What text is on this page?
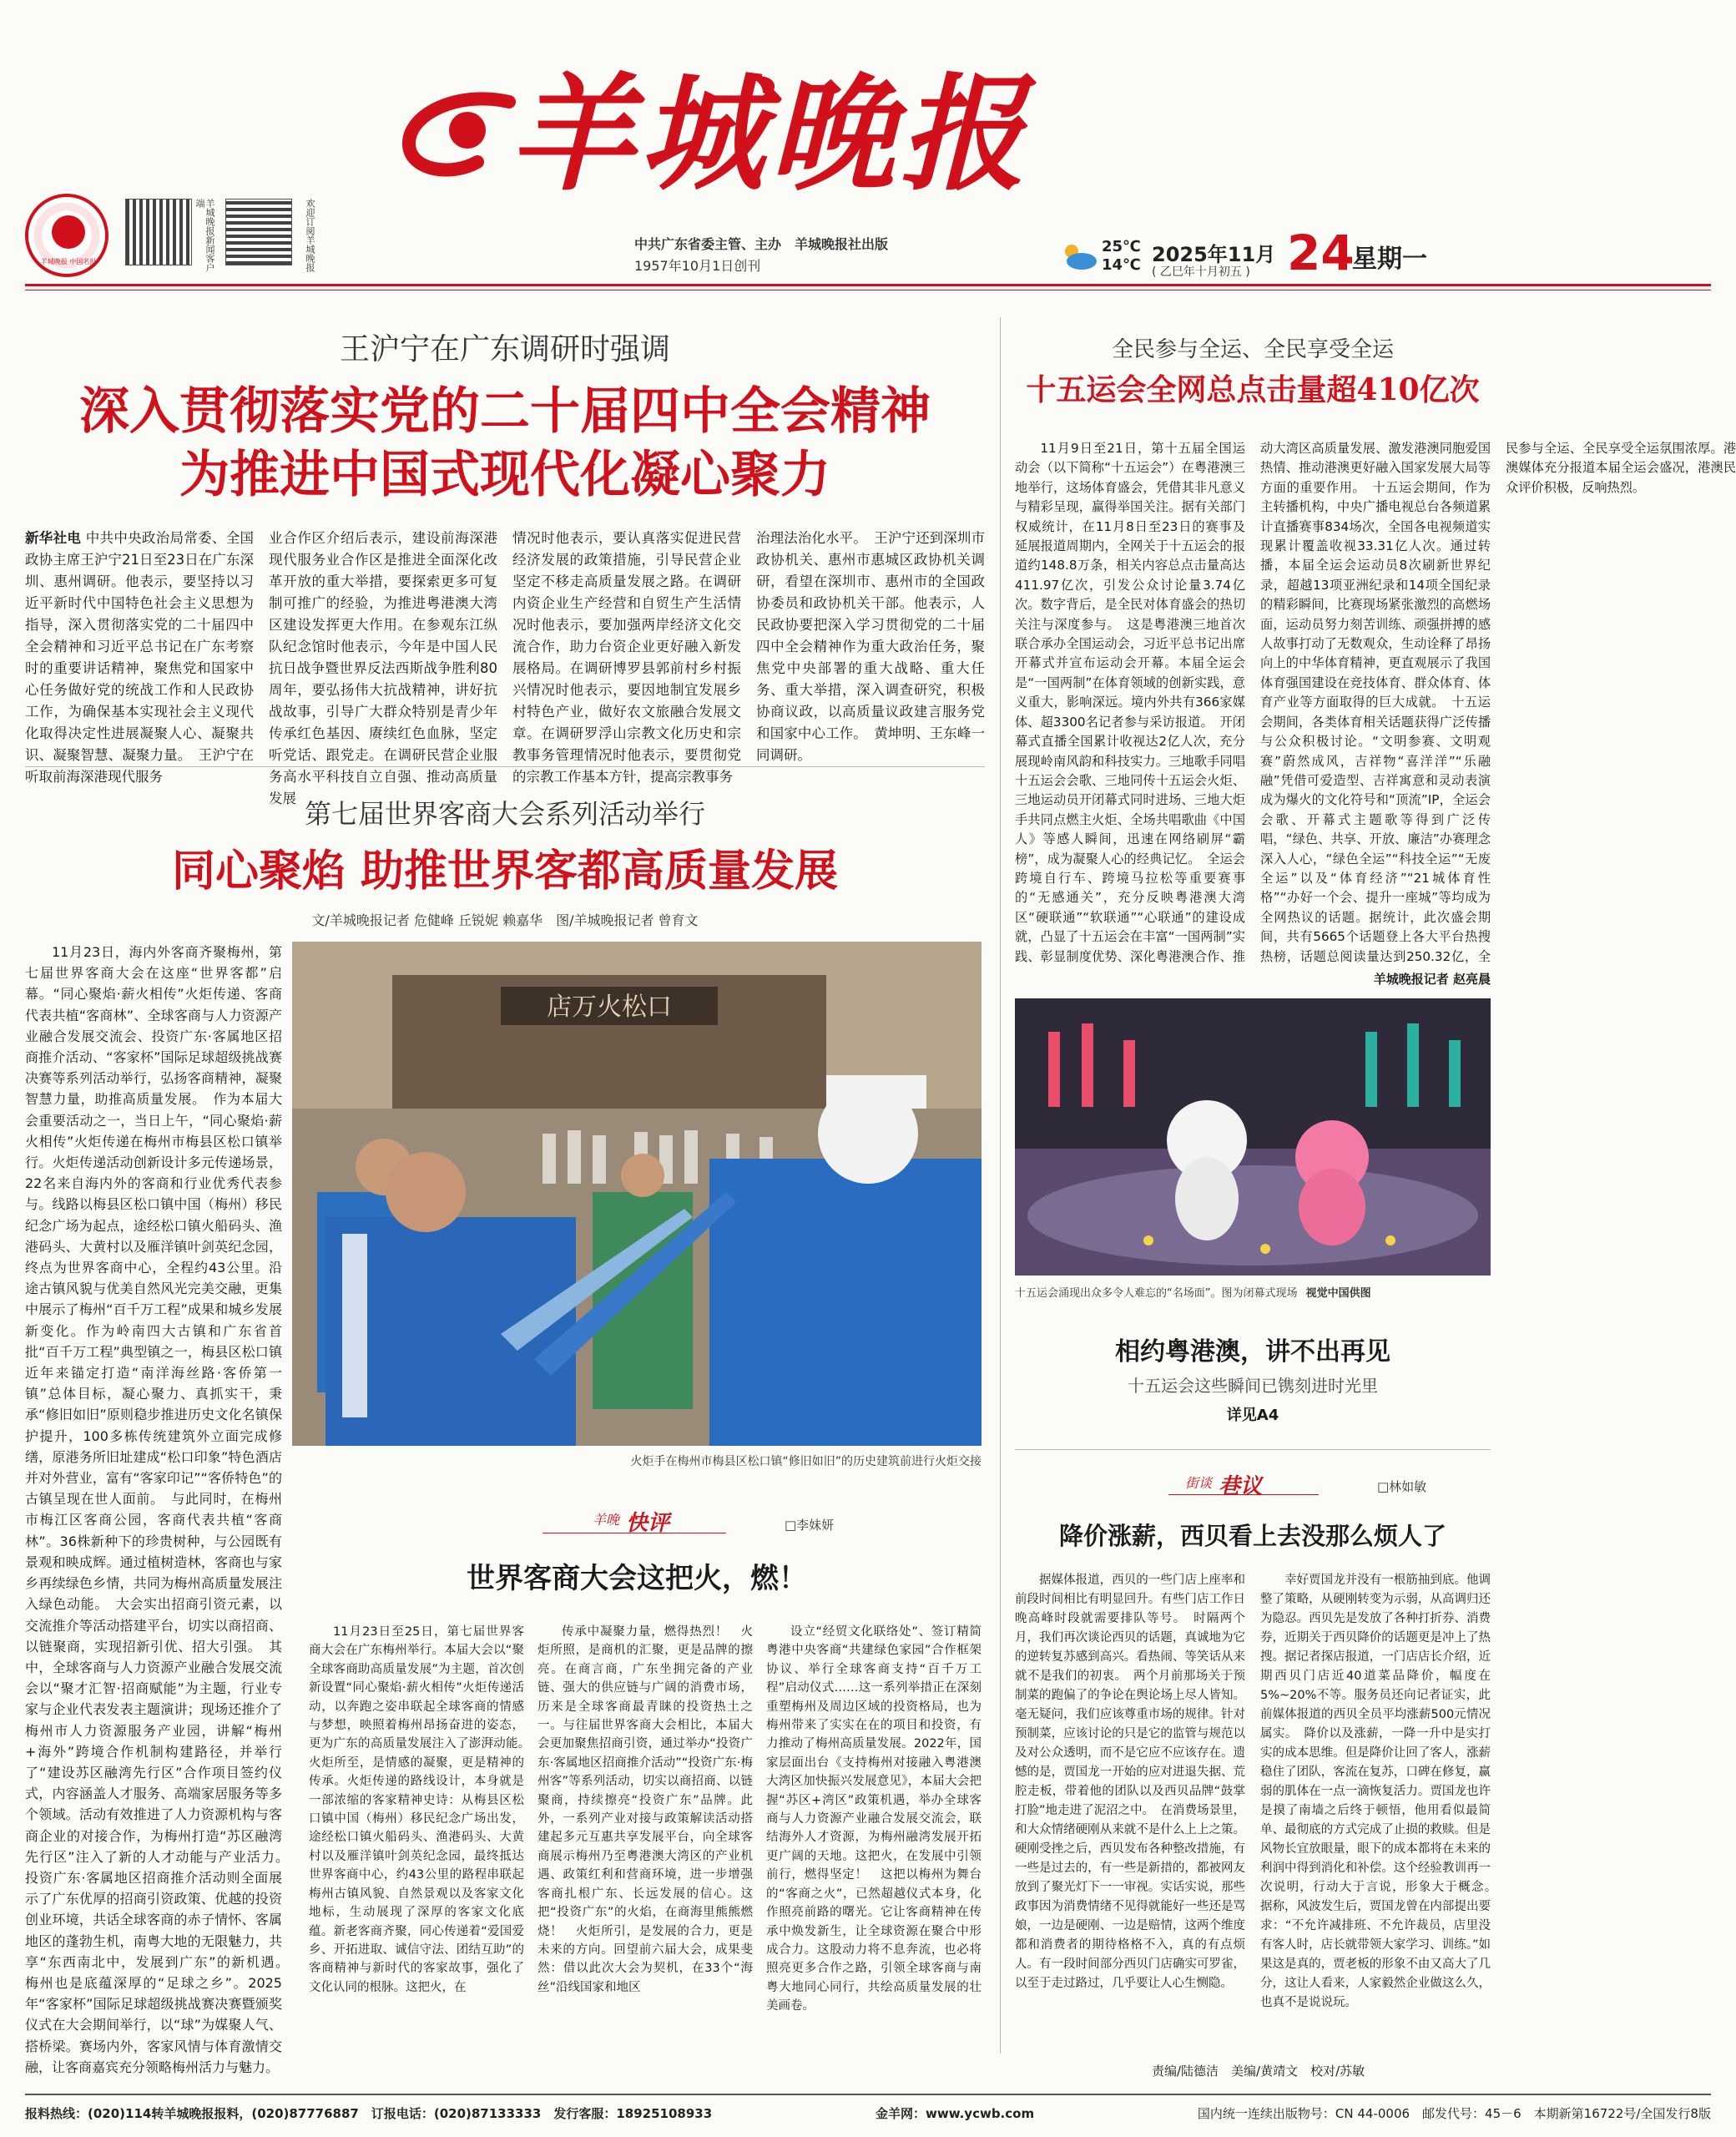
羊城晚报
羊城晚报 中国名报	羊城晚报新闻客户端	欢迎订阅羊城晚报	中共广东省委主管、主办　羊城晚报社出版
1957年10月1日创刊
25℃
14℃ 2025年11月
( 乙巳年十月初五 ) 24
星期一
王沪宁在广东调研时强调
深入贯彻落实党的二十届四中全会精神
为推进中国式现代化凝心聚力
新华社电 中共中央政治局常委、全国政协主席王沪宁21日至23日在广东深圳、惠州调研。他表示，要坚持以习近平新时代中国特色社会主义思想为指导，深入贯彻落实党的二十届四中全会精神和习近平总书记在广东考察时的重要讲话精神，聚焦党和国家中心任务做好党的统战工作和人民政协工作，为确保基本实现社会主义现代化取得决定性进展凝聚人心、凝聚共识、凝聚智慧、凝聚力量。　王沪宁在听取前海深港现代服务
业合作区介绍后表示，建设前海深港现代服务业合作区是推进全面深化改革开放的重大举措，要探索更多可复制可推广的经验，为推进粤港澳大湾区建设发挥更大作用。在参观东江纵队纪念馆时他表示，今年是中国人民抗日战争暨世界反法西斯战争胜利80周年，要弘扬伟大抗战精神，讲好抗战故事，引导广大群众特别是青少年传承红色基因、赓续红色血脉，坚定听党话、跟党走。在调研民营企业服务高水平科技自立自强、推动高质量发展
情况时他表示，要认真落实促进民营经济发展的政策措施，引导民营企业坚定不移走高质量发展之路。在调研内资企业生产经营和自贸生产生活情况时他表示，要加强两岸经济文化交流合作，助力台资企业更好融入新发展格局。在调研博罗县郭前村乡村振兴情况时他表示，要因地制宜发展乡村特色产业，做好农文旅融合发展文章。在调研罗浮山宗教文化历史和宗教事务管理情况时他表示，要贯彻党的宗教工作基本方针，提高宗教事务
治理法治化水平。　王沪宁还到深圳市政协机关、惠州市惠城区政协机关调研，看望在深圳市、惠州市的全国政协委员和政协机关干部。他表示，人民政协要把深入学习贯彻党的二十届四中全会精神作为重大政治任务，聚焦党中央部署的重大战略、重大任务、重大举措，深入调查研究，积极协商议政，以高质量议政建言服务党和国家中心工作。　黄坤明、王东峰一同调研。
第七届世界客商大会系列活动举行
同心聚焰 助推世界客都高质量发展
文/羊城晚报记者 危健峰 丘锐妮 赖嘉华　图/羊城晚报记者 曾育文
11月23日，海内外客商齐聚梅州，第七届世界客商大会在这座“世界客都”启幕。“同心聚焰·薪火相传”火炬传递、客商代表共植“客商林”、全球客商与人力资源产业融合发展交流会、投资广东·客属地区招商推介活动、“客家杯”国际足球超级挑战赛决赛等系列活动举行，弘扬客商精神，凝聚智慧力量，助推高质量发展。　作为本届大会重要活动之一，当日上午，“同心聚焰·薪火相传”火炬传递在梅州市梅县区松口镇举行。火炬传递活动创新设计多元传递场景，22名来自海内外的客商和行业优秀代表参与。线路以梅县区松口镇中国（梅州）移民纪念广场为起点，途经松口镇火船码头、渔港码头、大黄村以及雁洋镇叶剑英纪念园，终点为世界客商中心，全程约43公里。沿途古镇风貌与优美自然风光完美交融，更集中展示了梅州“百千万工程”成果和城乡发展新变化。作为岭南四大古镇和广东省首批“百千万工程”典型镇之一，梅县区松口镇近年来锚定打造“南洋海丝路·客侨第一镇”总体目标，凝心聚力、真抓实干，秉承“修旧如旧”原则稳步推进历史文化名镇保护提升，100多栋传统建筑外立面完成修缮，原港务所旧址建成“松口印象”特色酒店并对外营业，富有“客家印记”“客侨特色”的古镇呈现在世人面前。　与此同时，在梅州市梅江区客商公园，客商代表共植“客商林”。36株新种下的珍贵树种，与公园既有景观和映成辉。通过植树造林，客商也与家乡再续绿色乡情，共同为梅州高质量发展注入绿色动能。　大会实出招商引资元素，以交流推介等活动搭建平台，切实以商招商、以链聚商，实现招新引优、招大引强。　其中，全球客商与人力资源产业融合发展交流会以“聚才汇智·招商赋能”为主题，行业专家与企业代表发表主题演讲；现场还推介了梅州市人力资源服务产业园，讲解“梅州+海外”跨境合作机制构建路径，并举行了“建设苏区融湾先行区”合作项目签约仪式，内容涵盖人才服务、高端家居服务等多个领域。活动有效推进了人力资源机构与客商企业的对接合作，为梅州打造“苏区融湾先行区”注入了新的人才动能与产业活力。　投资广东·客属地区招商推介活动则全面展示了广东优厚的招商引资政策、优越的投资创业环境，共话全球客商的赤子情怀、客属地区的蓬勃生机，南粤大地的无限魅力，共享“东西南北中，发展到广东”的新机遇。　梅州也是底蕴深厚的“足球之乡”。2025年“客家杯”国际足球超级挑战赛决赛暨颁奖仪式在大会期间举行，以“球”为媒聚人气、搭桥梁。赛场内外，客家风情与体育激情交融，让客商嘉宾充分领略梅州活力与魅力。
店万火松口
火炬手在梅州市梅县区松口镇“修旧如旧”的历史建筑前进行火炬交接
羊晚 快评	□李妹妍
世界客商大会这把火，燃！
11月23日至25日，第七届世界客商大会在广东梅州举行。本届大会以“聚全球客商助高质量发展”为主题，首次创新设置“同心聚焰·薪火相传”火炬传递活动，以奔跑之姿串联起全球客商的情感与梦想，映照着梅州昂扬奋进的姿态，更为广东的高质量发展注入了澎湃动能。　火炬所至，是情感的凝聚，更是精神的传承。火炬传递的路线设计，本身就是一部浓缩的客家精神史诗：从梅县区松口镇中国（梅州）移民纪念广场出发，途经松口镇火船码头、渔港码头、大黄村以及雁洋镇叶剑英纪念园，最终抵达世界客商中心，约43公里的路程串联起梅州古镇风貌、自然景观以及客家文化地标，生动展现了深厚的客家文化底蕴。新老客商齐聚，同心传递着“爱国爱乡、开拓进取、诚信守法、团结互助”的客商精神与新时代的客家故事，强化了文化认同的根脉。这把火，在
传承中凝聚力量，燃得热烈！　火炬所照，是商机的汇聚，更是品牌的擦亮。在商言商，广东坐拥完备的产业链、强大的供应链与广阔的消费市场，历来是全球客商最青睐的投资热土之一。与往届世界客商大会相比，本届大会更加聚焦招商引资，通过举办“投资广东·客属地区招商推介活动”“投资广东·梅州客”等系列活动，切实以商招商、以链聚商，持续擦亮“投资广东”品牌。此外，一系列产业对接与政策解读活动搭建起多元互惠共享发展平台，向全球客商展示梅州乃至粤港澳大湾区的产业机遇、政策红利和营商环境，进一步增强客商扎根广东、长远发展的信心。这把“投资广东”的火焰，在商海里熊熊燃烧！　火炬所引，是发展的合力，更是未来的方向。回望前六届大会，成果斐然：借以此次大会为契机，在33个“海丝”沿线国家和地区
设立“经贸文化联络处”、签订精简粤港中央客商“共建绿色家园”合作框架协议、举行全球客商支持“百千万工程”启动仪式……这一系列举措正在深刻重塑梅州及周边区域的投资格局，也为梅州带来了实实在在的项目和投资，有力推动了梅州高质量发展。2022年，国家层面出台《支持梅州对接融入粤港澳大湾区加快振兴发展意见》，本届大会把握“苏区+湾区”政策机遇，举办全球客商与人力资源产业融合发展交流会，联结海外人才资源，为梅州融湾发展开拓更广阔的天地。这把火，在发展中引领前行，燃得坚定！　这把以梅州为舞台的“客商之火”，已然超越仪式本身，化作照亮前路的曙光。它让客商精神在传承中焕发新生，让全球资源在聚合中形成合力。这股动力将不息奔流，也必将照亮更多合作之路，引领全球客商与南粤大地同心同行，共绘高质量发展的壮美画卷。
全民参与全运、全民享受全运
十五运会全网总点击量超410亿次
11月9日至21日，第十五届全国运动会（以下简称“十五运会”）在粤港澳三地举行，这场体育盛会，凭借其非凡意义与精彩呈现，赢得举国关注。据有关部门权威统计，在11月8日至23日的赛事及延展报道周期内，全网关于十五运会的报道约148.8万条，相关内容总点击量高达411.97亿次，引发公众讨论量3.74亿次。数字背后，是全民对体育盛会的热切关注与深度参与。　这是粤港澳三地首次联合承办全国运动会，习近平总书记出席开幕式并宣布运动会开幕。本届全运会是“一国两制”在体育领域的创新实践，意义重大，影响深远。境内外共有366家媒体、超3300名记者参与采访报道。　开闭幕式直播全国累计收视达2亿人次，充分展现岭南风韵和科技实力。三地歌手同唱十五运会会歌、三地同传十五运会火炬、三地运动员开闭幕式同时进场、三地大炬手共同点燃主火炬、全场共唱歌曲《中国人》等感人瞬间，迅速在网络刷屏“霸榜”，成为凝聚人心的经典记忆。　全运会跨境自行车、跨境马拉松等重要赛事的“无感通关”，充分反映粤港澳大湾区“硬联通”“软联通”“心联通”的建设成就，凸显了十五运会在丰富“一国两制”实践、彰显制度优势、深化粤港澳合作、推动大湾区高质量发展、激发港澳同胞爱国热情、推动港澳更好融入国家发展大局等方面的重要作用。　十五运会期间，作为主转播机构，中央广播电视总台各频道累计直播赛事834场次，全国各电视频道实现累计覆盖收视33.31亿人次。通过转播，本届全运会运动员8次刷新世界纪录，超越13项亚洲纪录和14项全国纪录的精彩瞬间，比赛现场紧张激烈的高燃场面，运动员努力刻苦训练、顽强拼搏的感人故事打动了无数观众，生动诠释了昂扬向上的中华体育精神，更直观展示了我国体育强国建设在竞技体育、群众体育、体育产业等方面取得的巨大成就。　十五运会期间，各类体育相关话题获得广泛传播与公众积极讨论。“文明参赛、文明观赛”蔚然成风，吉祥物“喜洋洋”“乐融融”凭借可爱造型、吉祥寓意和灵动表演成为爆火的文化符号和“顶流”IP，全运会会歌、开幕式主题歌等得到广泛传唱，“绿色、共享、开放、廉洁”办赛理念深入人心，“绿色全运”“科技全运”“无废全运”以及“体育经济”“21城体育性格”“办好一个会、提升一座城”等均成为全网热议的话题。据统计，此次盛会期间，共有5665个话题登上各大平台热搜热榜，话题总阅读量达到250.32亿，全民参与全运、全民享受全运氛围浓厚。港澳媒体充分报道本届全运会盛况，港澳民众评价积极，反响热烈。
羊城晚报记者 赵亮晨
十五运会涌现出众多令人难忘的“名场面”。图为闭幕式现场 视觉中国供图
相约粤港澳，讲不出再见
十五运会这些瞬间已镌刻进时光里
详见A4
街谈 巷议	□林如敏
降价涨薪，西贝看上去没那么烦人了
据媒体报道，西贝的一些门店上座率和前段时间相比有明显回升。有些门店工作日晚高峰时段就需要排队等号。　时隔两个月，我们再次谈论西贝的话题，真诚地为它的逆转复苏感到高兴。看热闹、等笑话从来就不是我们的初衷。　两个月前那场关于预制菜的跑偏了的争论在舆论场上尽人皆知。毫无疑问，我们应该尊重市场的规律。针对预制菜，应该讨论的只是它的监管与规范以及对公众透明，而不是它应不应该存在。遗憾的是，贾国龙一开始的应对进退失据、荒腔走板，带着他的团队以及西贝品牌“鼓掌打脸”地走进了泥沼之中。　在消费场景里，和大众情绪硬刚从来就不是什么上上之策。硬刚受挫之后，西贝发布各种整改措施，有一些是过去的，有一些是新措的，都被网友放到了聚光灯下一一审视。实话实说，那些政事因为消费情绪不见得就能好一些还是骂娘，一边是硬刚、一边是赔情，这两个维度都和消费者的期待格格不入，真的有点烦人。有一段时间部分西贝门店确实可罗雀，以至于走过路过，几乎要让人心生恻隐。
幸好贾国龙并没有一根筋抽到底。他调整了策略，从硬刚转变为示弱，从高调归还为隐忍。西贝先是发放了各种打折券、消费券，近期关于西贝降价的话题更是冲上了热搜。据记者探店报道，一门店店长介绍，近期西贝门店近40道菜品降价，幅度在5%~20%不等。服务员还向记者证实，此前媒体报道的西贝全员平均涨薪500元情况属实。　降价以及涨薪，一降一升中是实打实的成本思维。但是降价让回了客人，涨薪稳住了团队，客流在复苏，口碑在修复，赢弱的肌体在一点一滴恢复活力。贾国龙也许是摸了南墙之后终于顿悟，他用看似最简单、最彻底的方式完成了止损的救赎。但是风物长宜放眼量，眼下的成本都将在未来的利润中得到消化和补偿。这个经验教训再一次说明，行动大于言说，形象大于概念。　据称，风波发生后，贾国龙曾在内部提出要求：“不允许减排班、不允许裁员，店里没有客人时，店长就带领大家学习、训练。”如果这是真的，贾老板的形象不由又高大了几分，这让人看来，人家毅然企业做这么久，也真不是说说玩。
责编/陆德洁　美编/黄靖文　校对/苏敏
报料热线：(020)114转羊城晚报报料，(020)87776887　订报电话：(020)87133333　发行客服：18925108933	金羊网：www.ycwb.com	国内统一连续出版物号：CN 44-0006　邮发代号：45－6　本期新第16722号/全国发行8版
